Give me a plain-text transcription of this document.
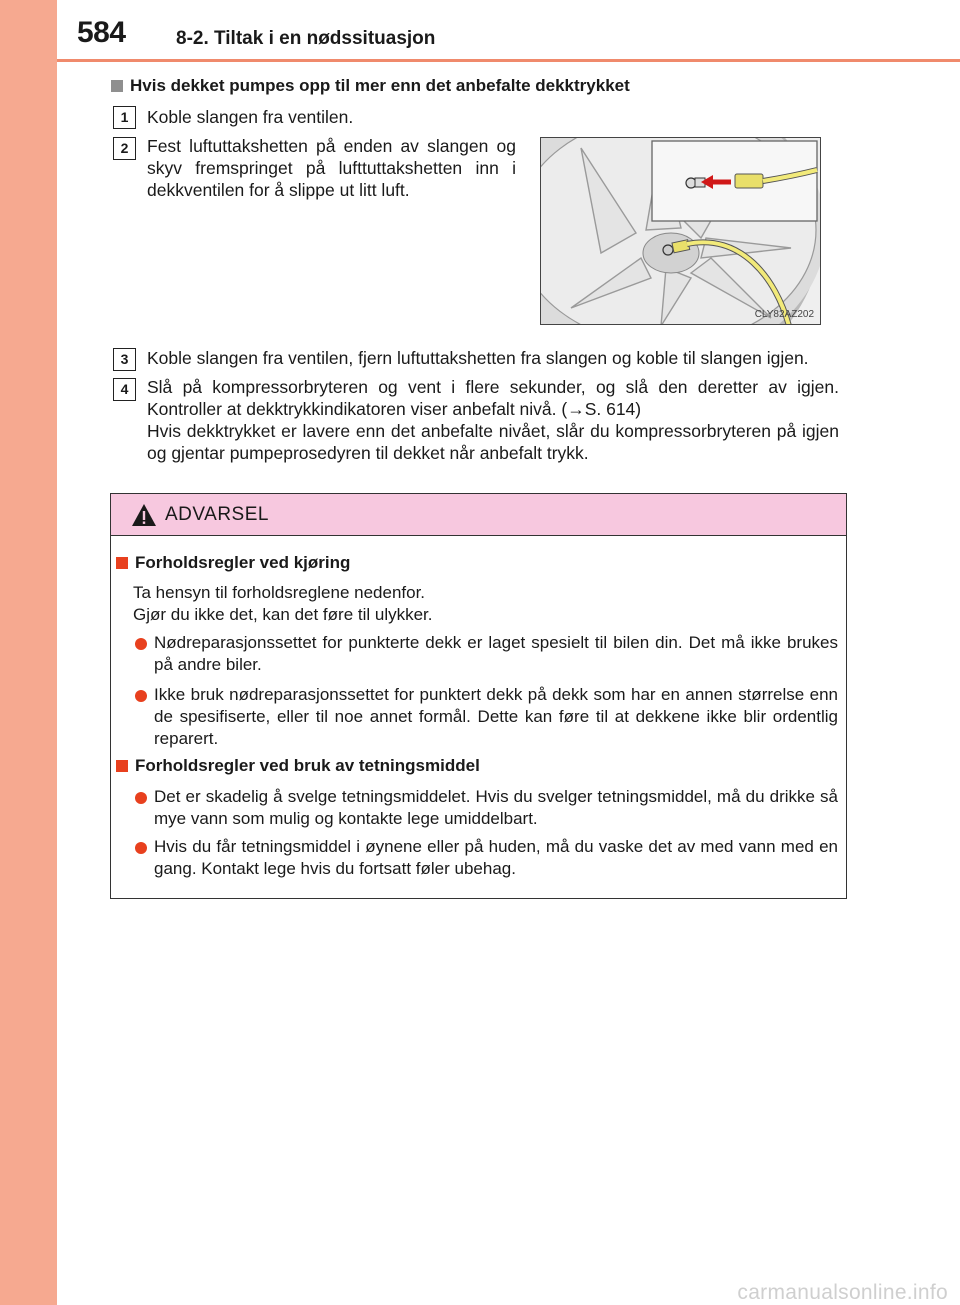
584	8-2. Tiltak i en nødssituasjon
Hvis dekket pumpes opp til mer enn det anbefalte dekktrykket
1	Koble slangen fra ventilen.
2	Fest luftuttakshetten på enden av slangen og skyv fremspringet på lufttuttakshetten inn i dekkventilen for å slippe ut litt luft.
CLY82AZ202
3	Koble slangen fra ventilen, fjern luftuttakshetten fra slangen og koble til slangen igjen.
4	Slå på kompressorbryteren og vent i flere sekunder, og slå den deretter av igjen. Kontroller at dekktrykkindikatoren viser anbefalt nivå. (→S. 614)
Hvis dekktrykket er lavere enn det anbefalte nivået, slår du kompressorbryteren på igjen og gjentar pumpeprosedyren til dekket når anbefalt trykk.
ADVARSEL
Forholdsregler ved kjøring
Ta hensyn til forholdsreglene nedenfor.
Gjør du ikke det, kan det føre til ulykker.
Nødreparasjonssettet for punkterte dekk er laget spesielt til bilen din. Det må ikke brukes på andre biler.
Ikke bruk nødreparasjonssettet for punktert dekk på dekk som har en annen størrelse enn de spesifiserte, eller til noe annet formål. Dette kan føre til at dekkene ikke blir ordentlig reparert.
Forholdsregler ved bruk av tetningsmiddel
Det er skadelig å svelge tetningsmiddelet. Hvis du svelger tetningsmiddel, må du drikke så mye vann som mulig og kontakte lege umiddelbart.
Hvis du får tetningsmiddel i øynene eller på huden, må du vaske det av med vann med en gang. Kontakt lege hvis du fortsatt føler ubehag.
carmanualsonline.info
